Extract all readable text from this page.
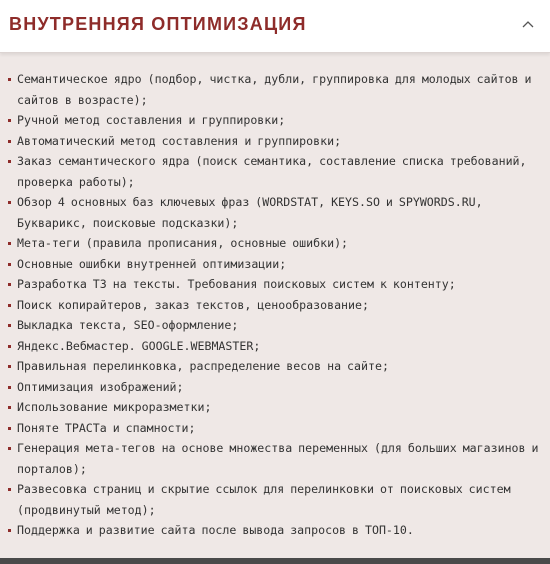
ВНУТРЕННЯЯ ОПТИМИЗАЦИЯ
Семантическое ядро (подбор, чистка, дубли, группировка для молодых сайтов и сайтов в возрасте);
Ручной метод составления и группировки;
Автоматический метод составления и группировки;
Заказ семантического ядра (поиск семантика, составление списка требований, проверка работы);
Обзор 4 основных баз ключевых фраз (WORDSTAT, KEYS.SO и SPYWORDS.RU, Букварикс, поисковые подсказки);
Мета-теги (правила прописания, основные ошибки);
Основные ошибки внутренней оптимизации;
Разработка ТЗ на тексты. Требования поисковых систем к контенту;
Поиск копирайтеров, заказ текстов, ценообразование;
Выкладка текста, SEO-оформление;
Яндекс.Вебмастер. GOOGLE.WEBMASTER;
Правильная перелинковка, распределение весов на сайте;
Оптимизация изображений;
Использование микроразметки;
Поняте ТРАСТа и спамности;
Генерация мета-тегов на основе множества переменных (для больших магазинов и порталов);
Развесовка страниц и скрытие ссылок для перелинковки от поисковых систем (продвинутый метод);
Поддержка и развитие сайта после вывода запросов в ТОП-10.
